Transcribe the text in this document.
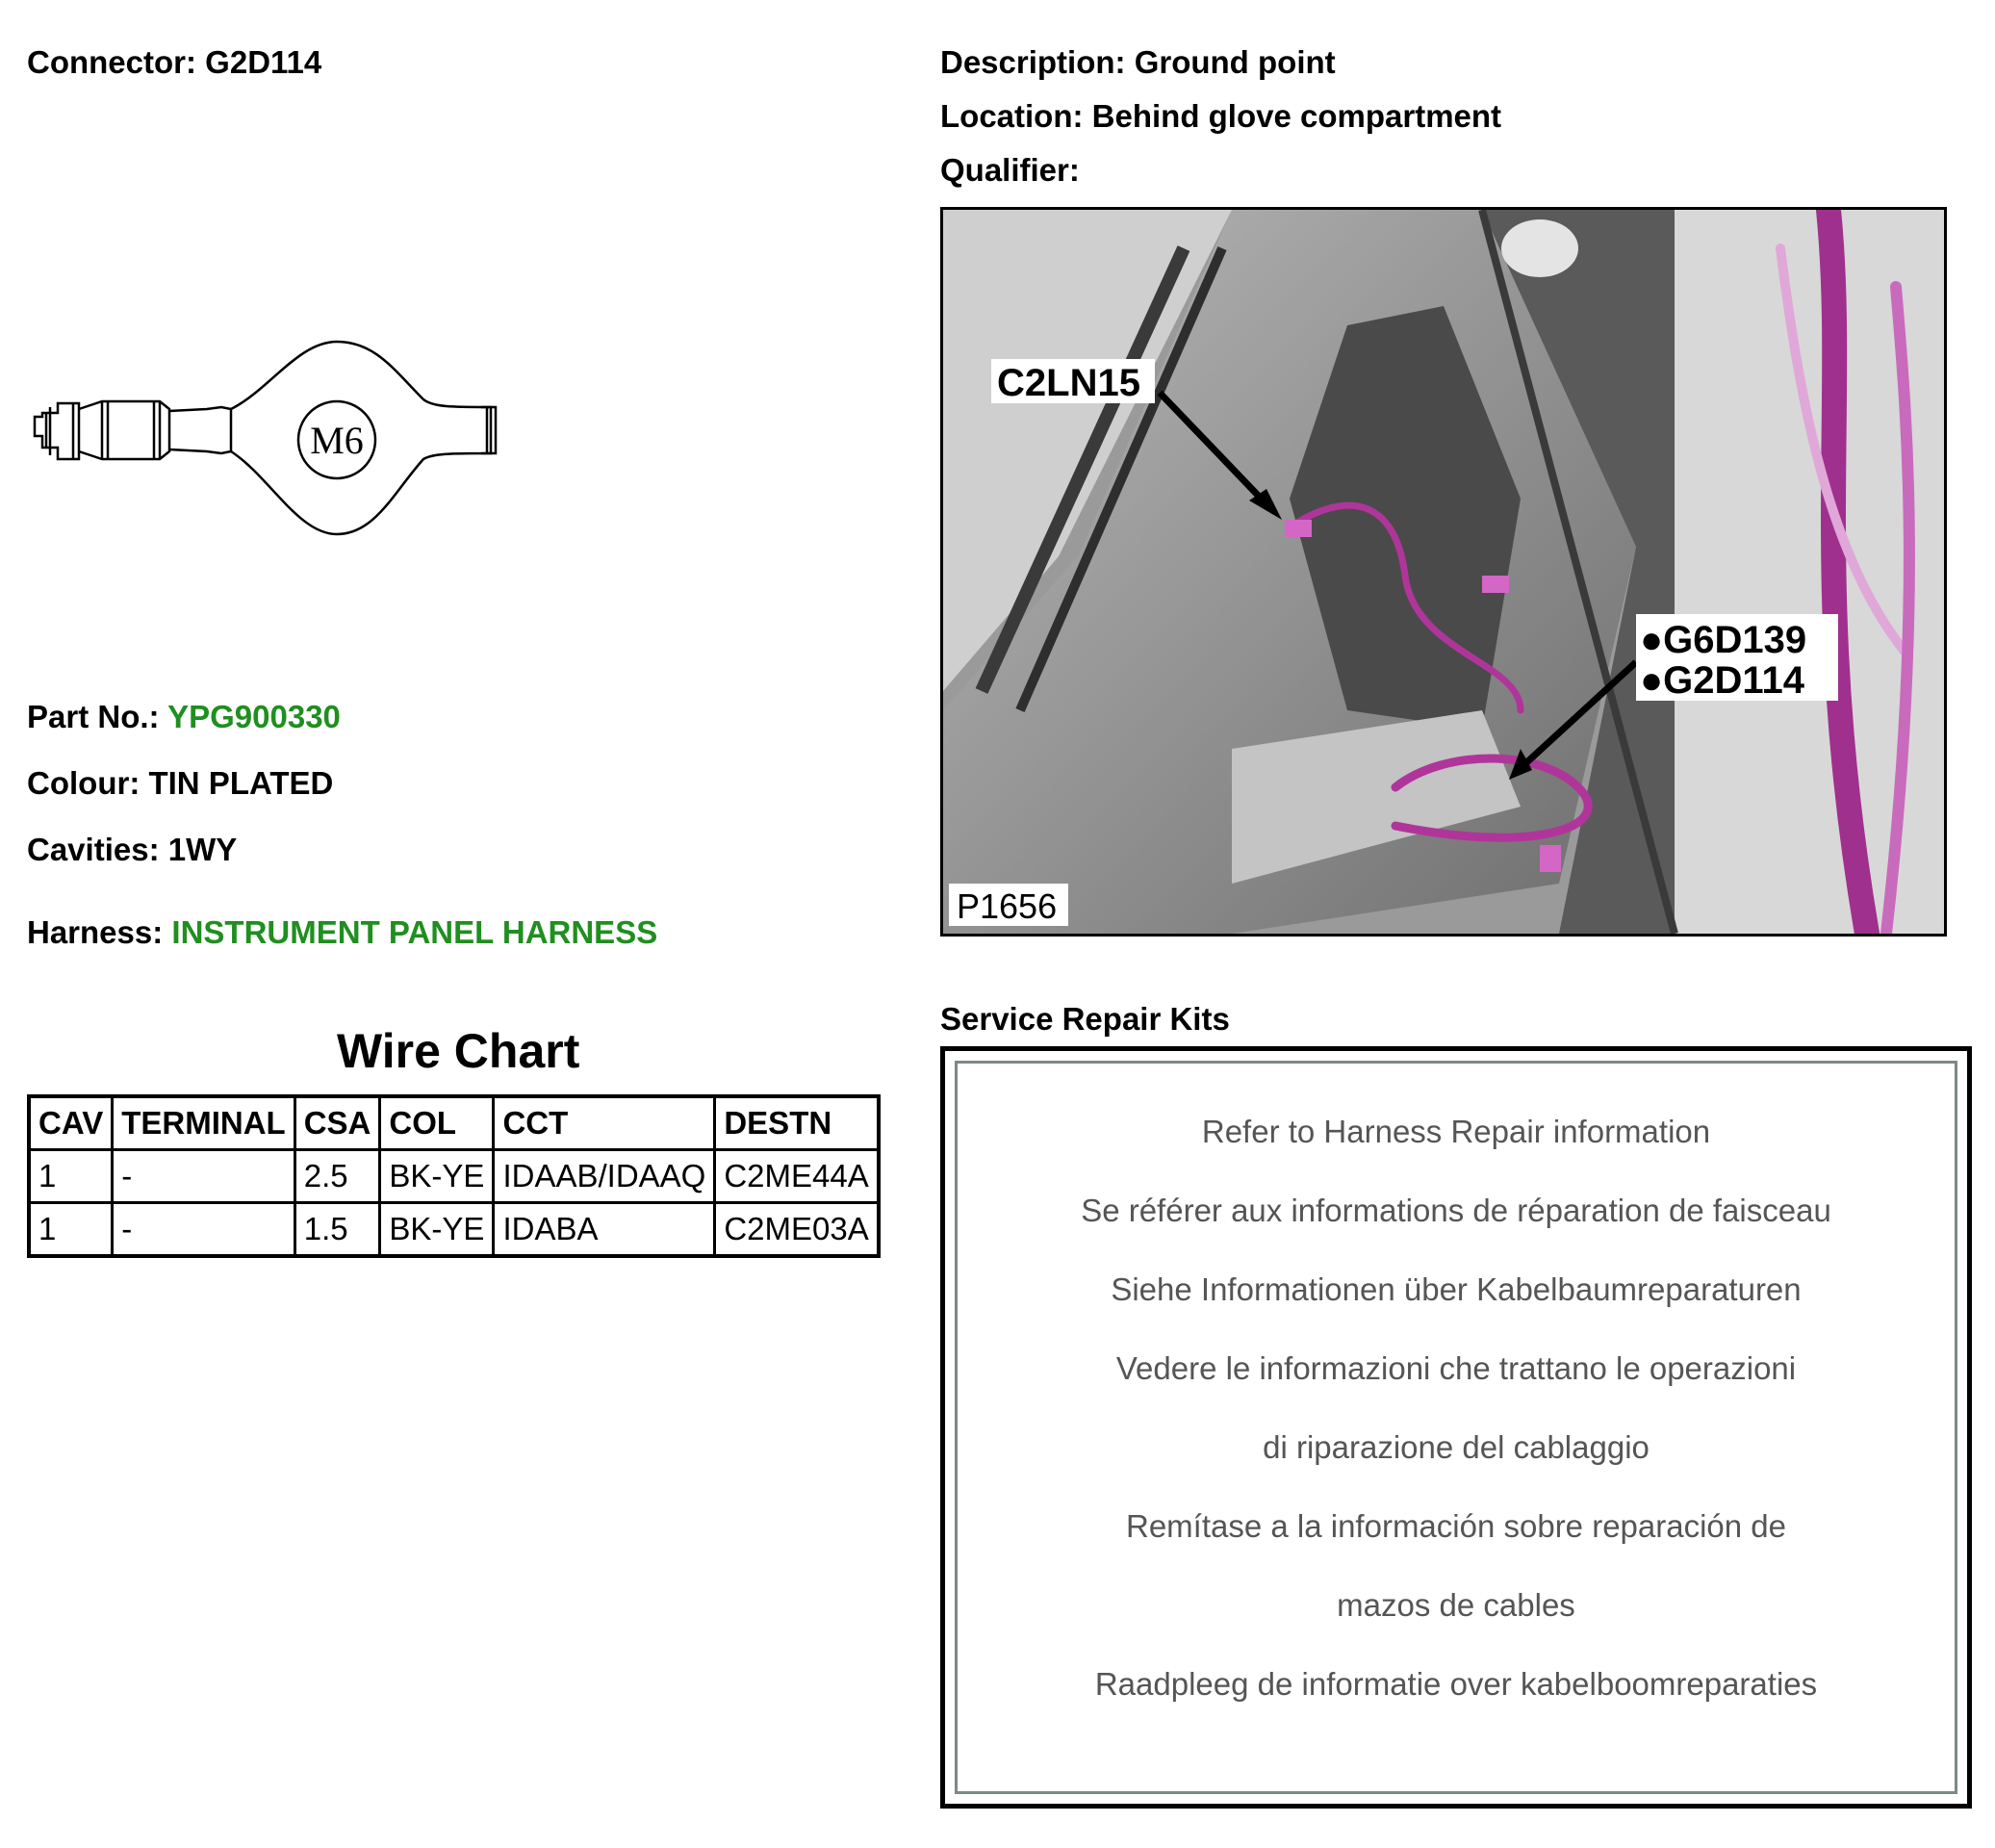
Connector: G2D114	Description: Ground point
Location: Behind glove compartment
Qualifier:
M6
Part No.: YPG900330
Colour: TIN PLATED
Cavities: 1WY
Harness: INSTRUMENT PANEL HARNESS
Wire Chart
CAV	TERMINAL	CSA	COL	CCT	DESTN
1	-	2.5	BK-YE	IDAAB/IDAAQ	C2ME44A
1	-	1.5	BK-YE	IDABA	C2ME03A
C2LN15
●G6D139
●G2D114
P1656
Service Repair Kits
Refer to Harness Repair information
Se référer aux informations de réparation de faisceau
Siehe Informationen über Kabelbaumreparaturen
Vedere le informazioni che trattano le operazioni
di riparazione del cablaggio
Remítase a la información sobre reparación de
mazos de cables
Raadpleeg de informatie over kabelboomreparaties
